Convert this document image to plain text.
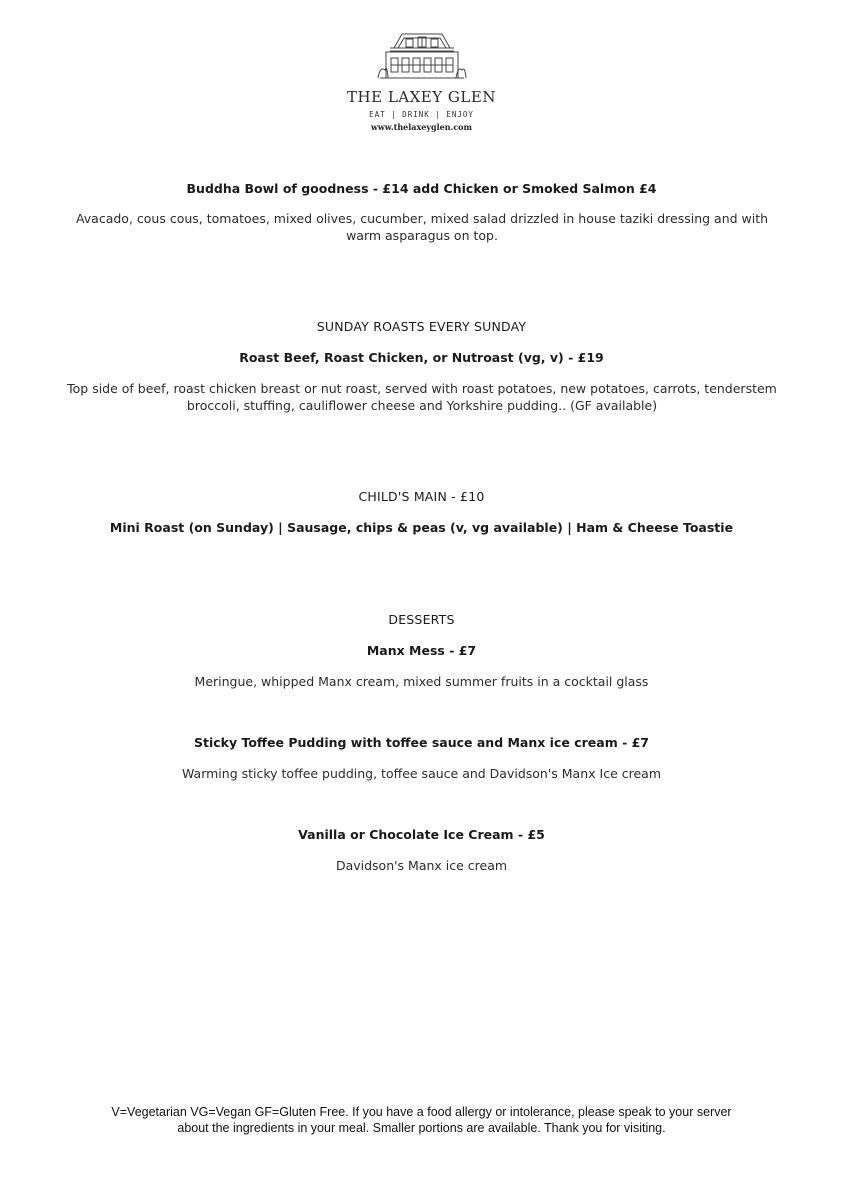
THE LAXEY GLEN
EAT | DRINK | ENJOY
www.thelaxeyglen.com
Buddha Bowl of goodness - £14 add Chicken or Smoked Salmon £4
Avacado, cous cous, tomatoes, mixed olives, cucumber, mixed salad drizzled in house taziki dressing and with warm asparagus on top.
SUNDAY ROASTS EVERY SUNDAY
Roast Beef, Roast Chicken, or Nutroast (vg, v) - £19
Top side of beef, roast chicken breast or nut roast, served with roast potatoes, new potatoes, carrots, tenderstem broccoli, stuffing, cauliflower cheese and Yorkshire pudding.. (GF available)
CHILD'S MAIN - £10
Mini Roast (on Sunday) | Sausage, chips & peas (v, vg available) | Ham & Cheese Toastie
DESSERTS
Manx Mess - £7
Meringue, whipped Manx cream, mixed summer fruits in a cocktail glass
Sticky Toffee Pudding with toffee sauce and Manx ice cream - £7
Warming sticky toffee pudding, toffee sauce and Davidson's Manx Ice cream
Vanilla or Chocolate Ice Cream - £5
Davidson's Manx ice cream
V=Vegetarian VG=Vegan GF=Gluten Free. If you have a food allergy or intolerance, please speak to your server
about the ingredients in your meal. Smaller portions are available. Thank you for visiting.
